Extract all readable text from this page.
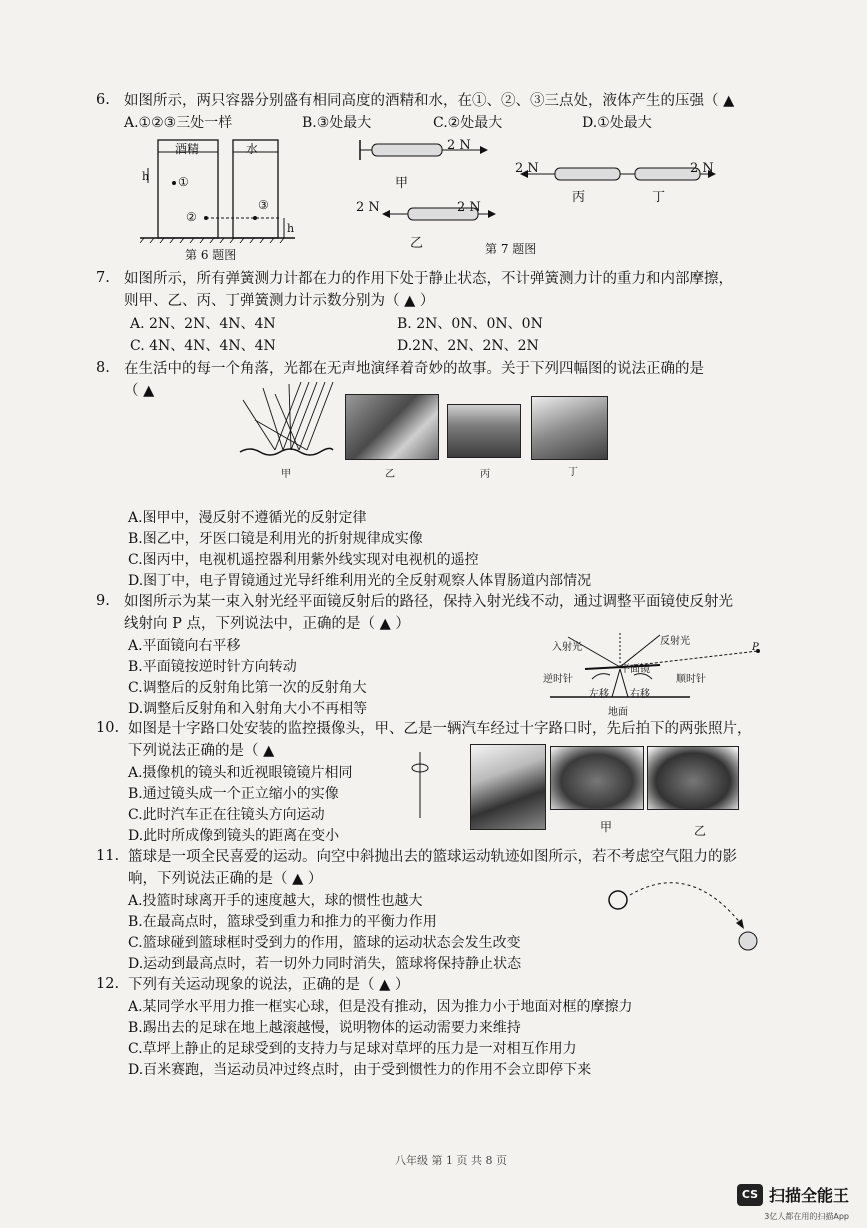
6. 如图所示，两只容器分别盛有相同高度的酒精和水，在①、②、③三点处，液体产生的压强（ ▲
A.①②③三处一样	B.③处最大	C.②处最大	D.①处最大
酒精	水
①
②
③
h
h
第 6 题图
2 N
甲
2 N	2 N
丙	丁
2 N	2 N
乙	第 7 题图
7. 如图所示，所有弹簧测力计都在力的作用下处于静止状态，不计弹簧测力计的重力和内部摩擦，
则甲、乙、丙、丁弹簧测力计示数分别为（ ▲ ）
A. 2N、2N、4N、4N	B. 2N、0N、0N、0N
C. 4N、4N、4N、4N	D.2N、2N、2N、2N
8. 在生活中的每一个角落，光都在无声地演绎着奇妙的故事。关于下列四幅图的说法正确的是
（ ▲
甲	乙	丙	丁
A.图甲中，漫反射不遵循光的反射定律
B.图乙中，牙医口镜是利用光的折射规律成实像
C.图丙中，电视机遥控器利用紫外线实现对电视机的遥控
D.图丁中，电子胃镜通过光导纤维利用光的全反射观察人体胃肠道内部情况
9. 如图所示为某一束入射光经平面镜反射后的路径，保持入射光线不动，通过调整平面镜使反射光
线射向 P 点，下列说法中，正确的是（ ▲ ）
A.平面镜向右平移
B.平面镜按逆时针方向转动
C.调整后的反射角比第一次的反射角大
D.调整后反射角和入射角大小不再相等
入射光
反射光
平面镜
P
逆时针	顺时针
左移 右移
地面
10. 如图是十字路口处安装的监控摄像头，甲、乙是一辆汽车经过十字路口时，先后拍下的两张照片，
下列说法正确的是（ ▲
A.摄像机的镜头和近视眼镜镜片相同
B.通过镜头成一个正立缩小的实像
C.此时汽车正在往镜头方向运动
D.此时所成像到镜头的距离在变小
甲	乙
11. 篮球是一项全民喜爱的运动。向空中斜抛出去的篮球运动轨迹如图所示，若不考虑空气阻力的影
响，下列说法正确的是（ ▲ ）
A.投篮时球离开手的速度越大，球的惯性也越大
B.在最高点时，篮球受到重力和推力的平衡力作用
C.篮球碰到篮球框时受到力的作用，篮球的运动状态会发生改变
D.运动到最高点时，若一切外力同时消失，篮球将保持静止状态
12. 下列有关运动现象的说法，正确的是（ ▲ ）
A.某同学水平用力推一框实心球，但是没有推动，因为推力小于地面对框的摩擦力
B.踢出去的足球在地上越滚越慢，说明物体的运动需要力来维持
C.草坪上静止的足球受到的支持力与足球对草坪的压力是一对相互作用力
D.百米赛跑，当运动员冲过终点时，由于受到惯性力的作用不会立即停下来
八年级 第 1 页 共 8 页
CS 扫描全能王
3亿人都在用的扫描App
